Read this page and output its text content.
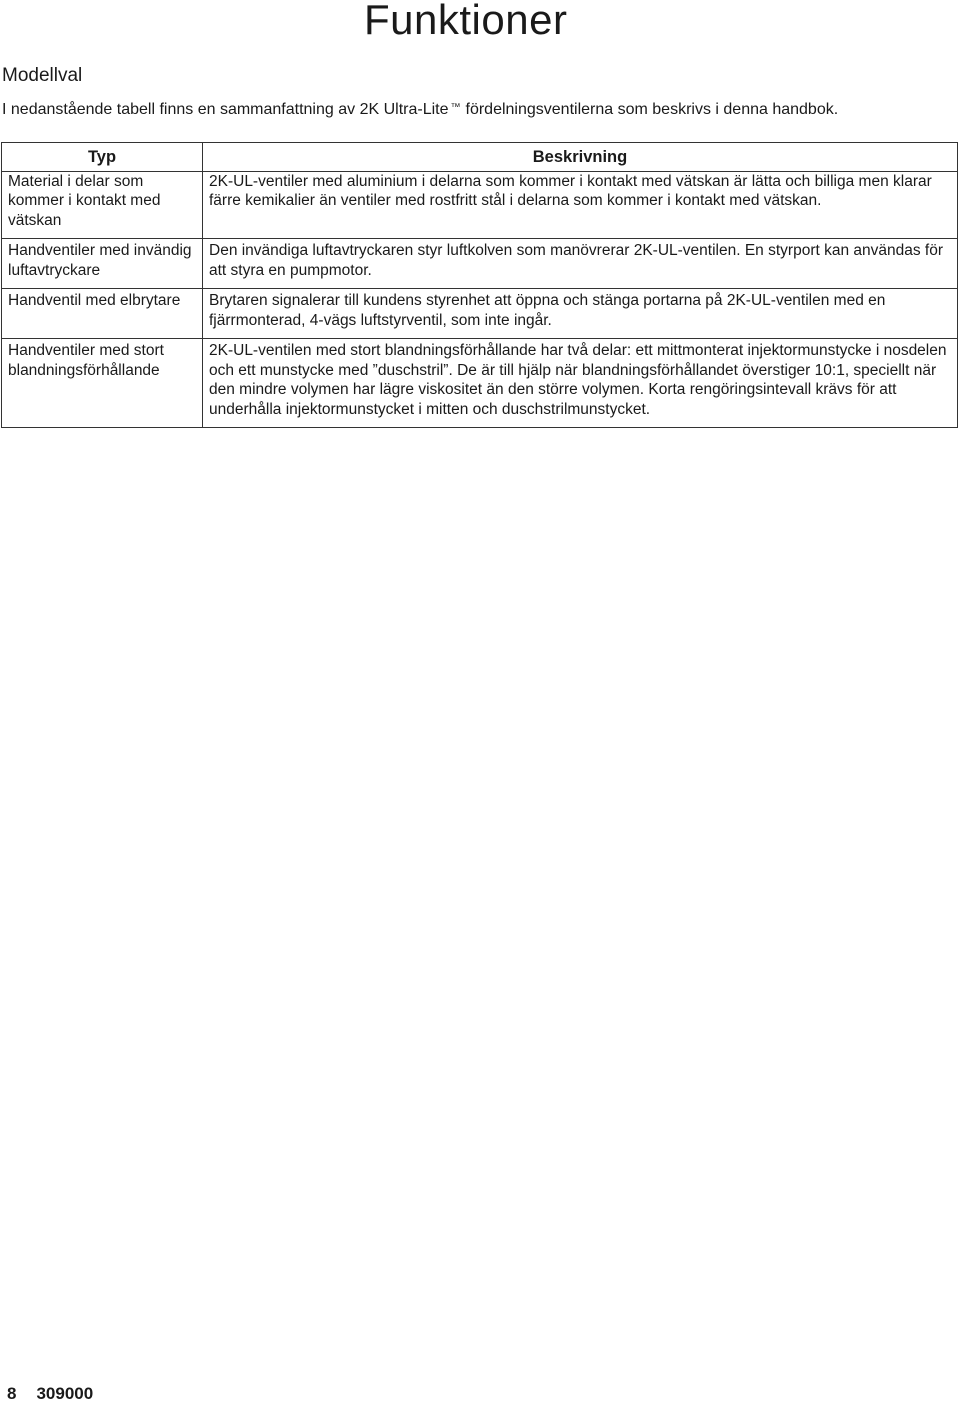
Funktioner
Modellval

I nedanstående tabell finns en sammanfattning av 2K Ultra-Lite ™ fördelningsventilerna som beskrivs i denna handbok.

Typ	Beskrivning
Material i delar som kommer i kontakt med vätskan	2K-UL-ventiler med aluminium i delarna som kommer i kontakt med vätskan är lätta och billiga men klarar färre kemikalier än ventiler med rostfritt stål i delarna som kommer i kontakt med vätskan.
Handventiler med invändig luftavtryckare	Den invändiga luftavtryckaren styr luftkolven som manövrerar 2K-UL-ventilen. En styrport kan användas för att styra en pumpmotor.
Handventil med elbrytare	Brytaren signalerar till kundens styrenhet att öppna och stänga portarna på 2K-UL-ventilen med en fjärrmonterad, 4-vägs luftstyrventil, som inte ingår.
Handventiler med stort blandningsförhållande	2K-UL-ventilen med stort blandningsförhållande har två delar: ett mittmonterat injektormunstycke i nosdelen och ett munstycke med ”duschstril”. De är till hjälp när blandningsförhållandet överstiger 10:1, speciellt när den mindre volymen har lägre viskositet än den större volymen. Korta rengöringsintevall krävs för att underhålla injektormunstycket i mitten och duschstrilmunstycket.
8 309000
